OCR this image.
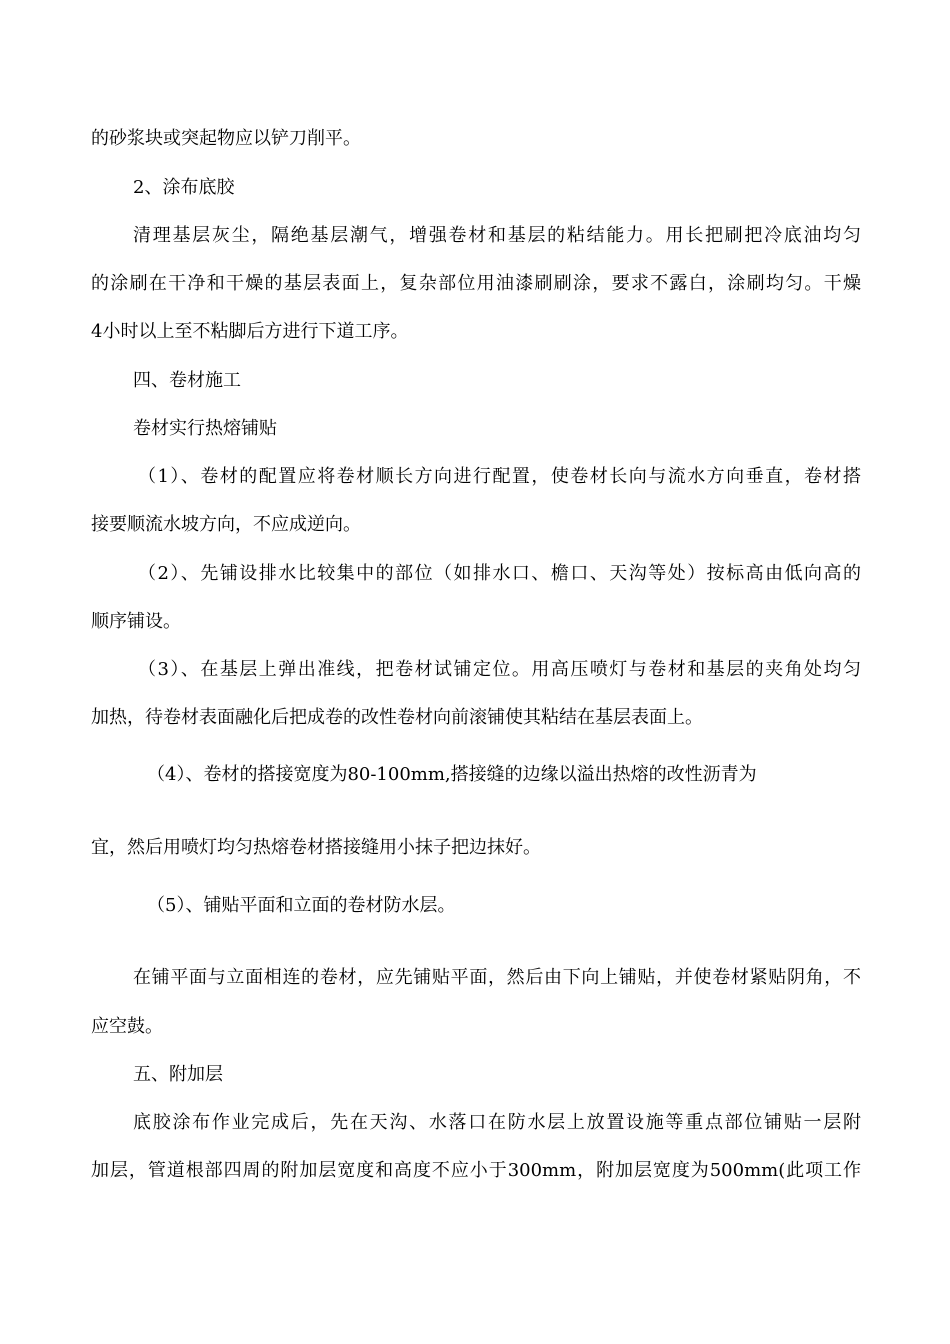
的砂浆块或突起物应以铲刀削平。
2、涂布底胶
清理基层灰尘，隔绝基层潮气，增强卷材和基层的粘结能力。用长把刷把冷底油均匀
的涂刷在干净和干燥的基层表面上，复杂部位用油漆刷刷涂，要求不露白，涂刷均匀。干燥
4小时以上至不粘脚后方进行下道工序。
四、卷材施工
卷材实行热熔铺贴
（1）、卷材的配置应将卷材顺长方向进行配置，使卷材长向与流水方向垂直，卷材搭
接要顺流水坡方向，不应成逆向。
（2）、先铺设排水比较集中的部位（如排水口、檐口、天沟等处）按标高由低向高的
顺序铺设。
（3）、在基层上弹出准线，把卷材试铺定位。用高压喷灯与卷材和基层的夹角处均匀
加热，待卷材表面融化后把成卷的改性卷材向前滚铺使其粘结在基层表面上。
（4）、卷材的搭接宽度为80-100mm,搭接缝的边缘以溢出热熔的改性沥青为
宜，然后用喷灯均匀热熔卷材搭接缝用小抹子把边抹好。
（5）、铺贴平面和立面的卷材防水层。
在铺平面与立面相连的卷材，应先铺贴平面，然后由下向上铺贴，并使卷材紧贴阴角，不
应空鼓。
五、附加层
底胶涂布作业完成后，先在天沟、水落口在防水层上放置设施等重点部位铺贴一层附
加层，管道根部四周的附加层宽度和高度不应小于300mm，附加层宽度为500mm(此项工作
